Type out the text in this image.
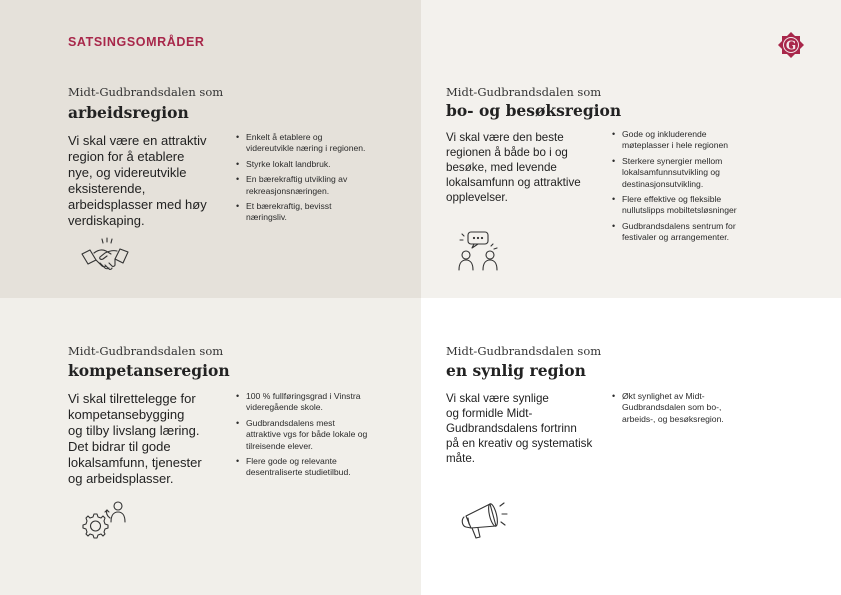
SATSINGSOMRÅDER	G
Midt-Gudbrandsdalen som
arbeidsregion
Vi skal være en attraktiv
region for å etablere
nye, og videreutvikle
eksisterende,
arbeidsplasser med høy
verdiskaping.
• Enkelt å etablere og
videreutvikle næring i regionen.
• Styrke lokalt landbruk.
• En bærekraftig utvikling av
rekreasjonsnæringen.
• Et bærekraftig, bevisst
næringsliv.
Midt-Gudbrandsdalen som
bo- og besøksregion
Vi skal være den beste
regionen å både bo i og
besøke, med levende
lokalsamfunn og attraktive
opplevelser.
• Gode og inkluderende
møteplasser i hele regionen
• Sterkere synergier mellom
lokalsamfunnsutvikling og
destinasjonsutvikling.
• Flere effektive og fleksible
nullutslipps mobiltetsløsninger
• Gudbrandsdalens sentrum for
festivaler og arrangementer.
Midt-Gudbrandsdalen som
kompetanseregion
Vi skal tilrettelegge for
kompetansebygging
og tilby livslang læring.
Det bidrar til gode
lokalsamfunn, tjenester
og arbeidsplasser.
• 100 % fullføringsgrad i Vinstra
videregående skole.
• Gudbrandsdalens mest
attraktive vgs for både lokale og
tilreisende elever.
• Flere gode og relevante
desentraliserte studietilbud.
Midt-Gudbrandsdalen som
en synlig region
Vi skal være synlige
og formidle Midt-
Gudbrandsdalens fortrinn
på en kreativ og systematisk
måte.
• Økt synlighet av Midt-
Gudbrandsdalen som bo-,
arbeids-, og besøksregion.
